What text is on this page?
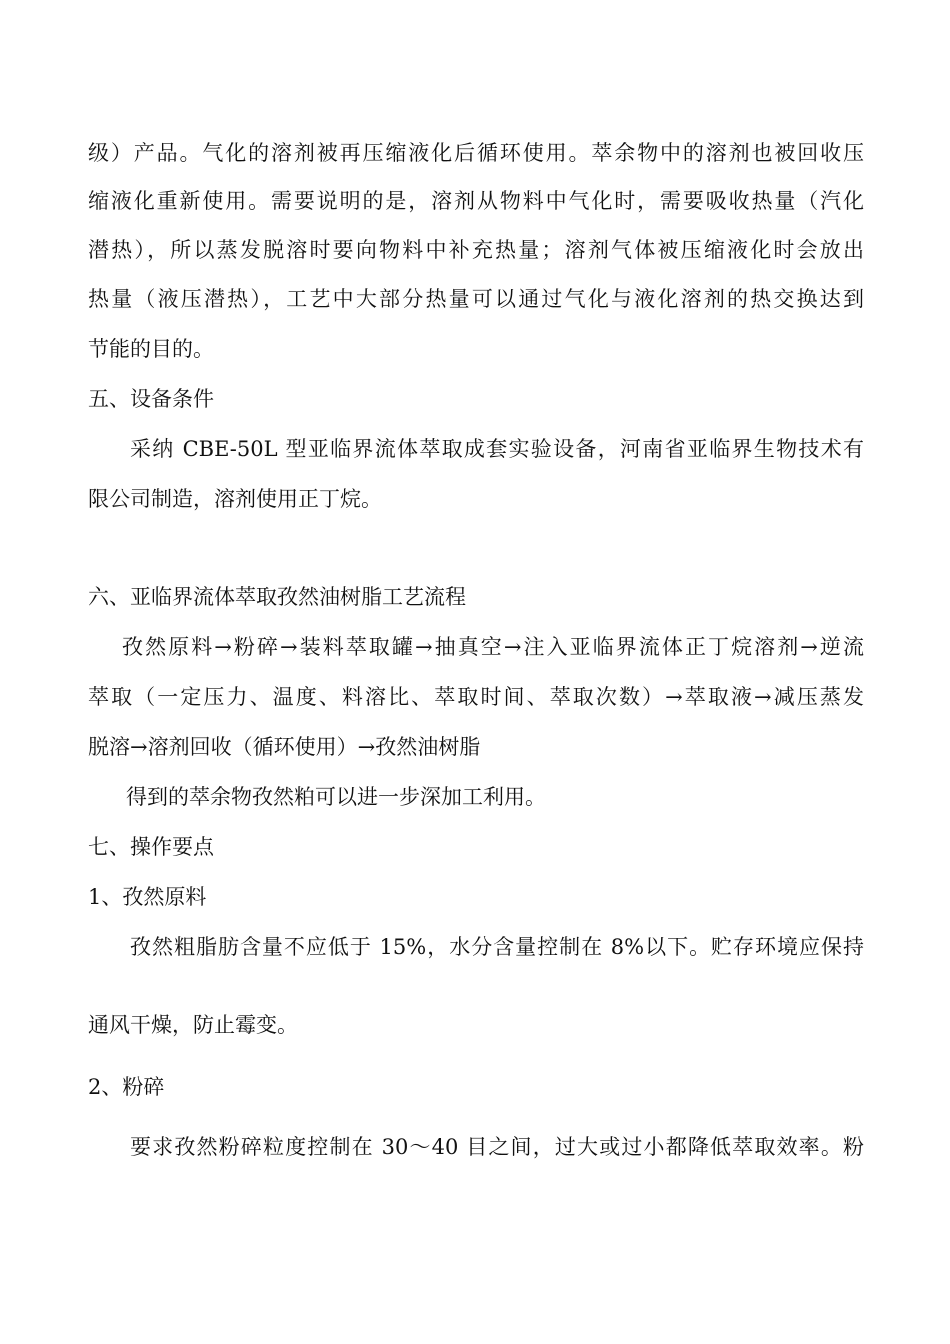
级）产品。气化的溶剂被再压缩液化后循环使用。萃余物中的溶剂也被回收压
缩液化重新使用。需要说明的是，溶剂从物料中气化时，需要吸收热量（汽化
潜热），所以蒸发脱溶时要向物料中补充热量；溶剂气体被压缩液化时会放出
热量（液压潜热），工艺中大部分热量可以通过气化与液化溶剂的热交换达到
节能的目的。
五、设备条件
采纳 CBE-50L 型亚临界流体萃取成套实验设备，河南省亚临界生物技术有
限公司制造，溶剂使用正丁烷。
六、亚临界流体萃取孜然油树脂工艺流程
孜然原料→粉碎→装料萃取罐→抽真空→注入亚临界流体正丁烷溶剂→逆流
萃取（一定压力、温度、料溶比、萃取时间、萃取次数）→萃取液→减压蒸发
脱溶→溶剂回收（循环使用）→孜然油树脂
得到的萃余物孜然粕可以进一步深加工利用。
七、操作要点
1、孜然原料
孜然粗脂肪含量不应低于 15%，水分含量控制在 8%以下。贮存环境应保持
通风干燥，防止霉变。
2、粉碎
要求孜然粉碎粒度控制在 30～40 目之间，过大或过小都降低萃取效率。粉
